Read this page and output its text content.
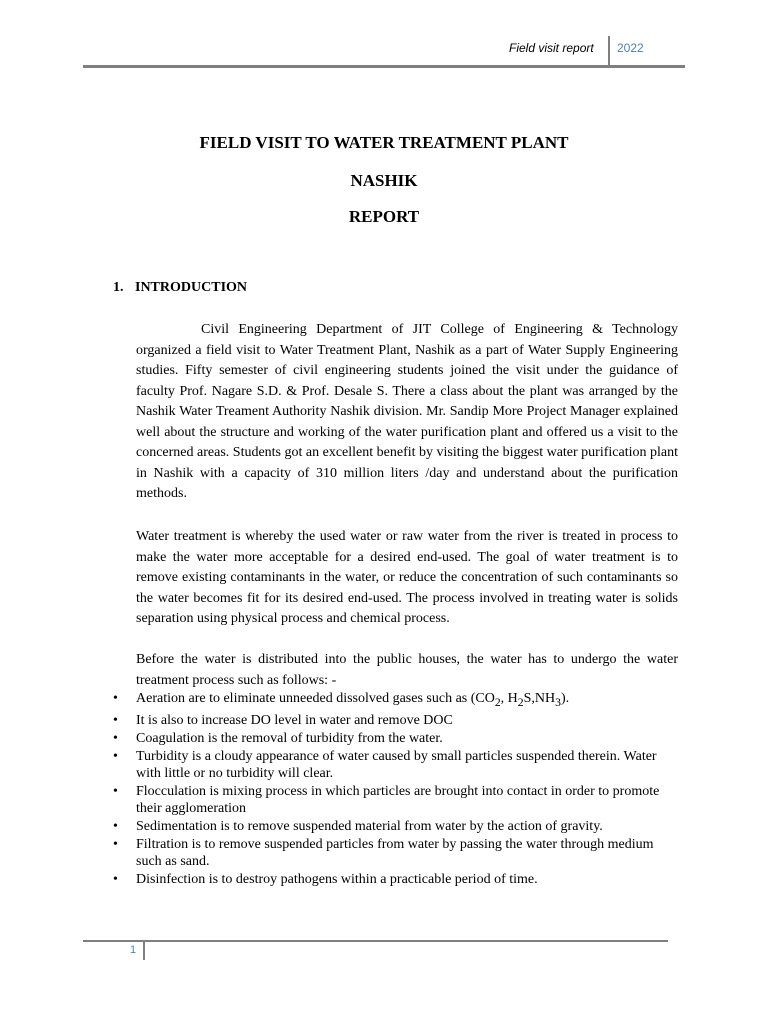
Field visit report 2022
FIELD VISIT TO WATER TREATMENT PLANT
NASHIK
REPORT
1. INTRODUCTION

Civil Engineering Department of JIT College of Engineering & Technology organized a field visit to Water Treatment Plant, Nashik as a part of Water Supply Engineering studies. Fifty semester of civil engineering students joined the visit under the guidance of faculty Prof. Nagare S.D. & Prof. Desale S. There a class about the plant was arranged by the Nashik Water Treament Authority Nashik division. Mr. Sandip More Project Manager explained well about the structure and working of the water purification plant and offered us a visit to the concerned areas. Students got an excellent benefit by visiting the biggest water purification plant in Nashik with a capacity of 310 million liters /day and understand about the purification methods.

Water treatment is whereby the used water or raw water from the river is treated in process to make the water more acceptable for a desired end-used. The goal of water treatment is to remove existing contaminants in the water, or reduce the concentration of such contaminants so the water becomes fit for its desired end-used. The process involved in treating water is solids separation using physical process and chemical process.

Before the water is distributed into the public houses, the water has to undergo the water treatment process such as follows: -

• Aeration are to eliminate unneeded dissolved gases such as ($CO_2$, $H_2S,NH_3$).
• It is also to increase DO level in water and remove DOC
• Coagulation is the removal of turbidity from the water.
• Turbidity is a cloudy appearance of water caused by small particles suspended therein. Water with little or no turbidity will clear.
• Flocculation is mixing process in which particles are brought into contact in order to promote their agglomeration
• Sedimentation is to remove suspended material from water by the action of gravity.
• Filtration is to remove suspended particles from water by passing the water through medium such as sand.
• Disinfection is to destroy pathogens within a practicable period of time.
1
